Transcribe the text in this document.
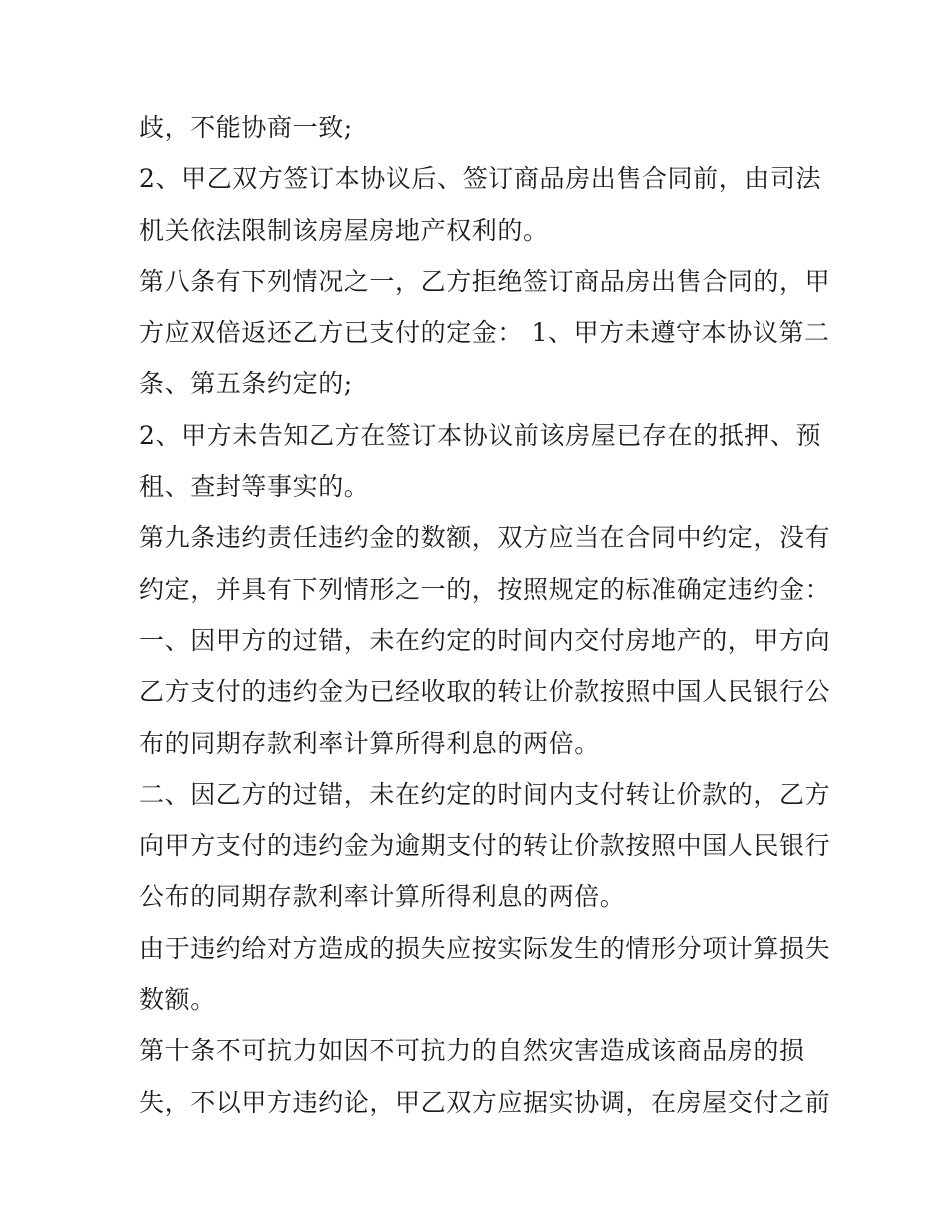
歧，不能协商一致;
2、甲乙双方签订本协议后、签订商品房出售合同前，由司法
机关依法限制该房屋房地产权利的。
第八条有下列情况之一，乙方拒绝签订商品房出售合同的，甲
方应双倍返还乙方已支付的定金： 1、甲方未遵守本协议第二
条、第五条约定的;
2、甲方未告知乙方在签订本协议前该房屋已存在的抵押、预
租、查封等事实的。
第九条违约责任违约金的数额，双方应当在合同中约定，没有
约定，并具有下列情形之一的，按照规定的标准确定违约金：
一、因甲方的过错，未在约定的时间内交付房地产的，甲方向
乙方支付的违约金为已经收取的转让价款按照中国人民银行公
布的同期存款利率计算所得利息的两倍。
二、因乙方的过错，未在约定的时间内支付转让价款的，乙方
向甲方支付的违约金为逾期支付的转让价款按照中国人民银行
公布的同期存款利率计算所得利息的两倍。
由于违约给对方造成的损失应按实际发生的情形分项计算损失
数额。
第十条不可抗力如因不可抗力的自然灾害造成该商品房的损
失，不以甲方违约论，甲乙双方应据实协调，在房屋交付之前
